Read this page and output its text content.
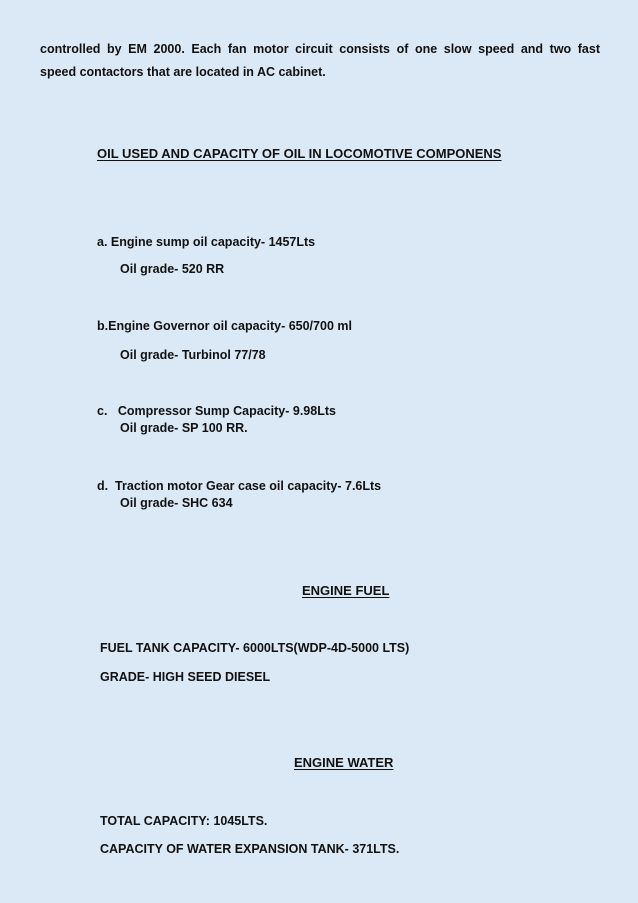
controlled by EM 2000. Each fan motor circuit consists of one slow speed and two fast
speed contactors that are located in AC cabinet.
OIL USED AND CAPACITY OF OIL IN LOCOMOTIVE COMPONENS
a. Engine sump oil capacity- 1457Lts
Oil grade- 520 RR
b.Engine Governor oil capacity- 650/700 ml
Oil grade- Turbinol 77/78
c.   Compressor Sump Capacity- 9.98Lts
Oil grade- SP 100 RR.
d.  Traction motor Gear case oil capacity- 7.6Lts
Oil grade- SHC 634
ENGINE FUEL
FUEL TANK CAPACITY- 6000LTS(WDP-4D-5000 LTS)
GRADE- HIGH SEED DIESEL
ENGINE WATER
TOTAL CAPACITY: 1045LTS.
CAPACITY OF WATER EXPANSION TANK- 371LTS.
